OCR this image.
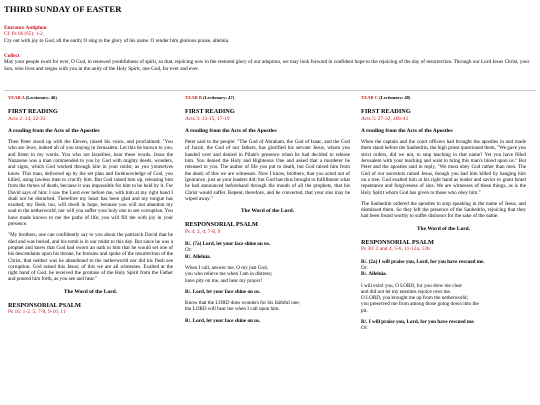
THIRD SUNDAY OF EASTER
Entrance Antiphon
Cf. Ps 66 (65): 1-2
Cry out with joy to God, all the earth; O sing to the glory of his name. O render him glorious praise, alleluia.
Collect
May your people exult for ever, O God, in renewed youthfulness of spirit, so that, rejoicing now in the restored glory of our adoption, we may look forward in confident hope to the rejoicing of the day of resurrection. Through our Lord Jesus Christ, your Son, who lives and reigns with you in the unity of the Holy Spirit, one God, for ever and ever.
YEAR A (Lectionary: 46)
FIRST READING
Acts 2: 14, 22-33
A reading from the Acts of the Apostles
Then Peter stood up with the Eleven, raised his voice, and proclaimed: "You who are Jews, indeed all of you staying in Jerusalem. Let this be known to you, and listen to my words. You who are Israelites, hear these words. Jesus the Nazarene was a man commended to you by God with mighty deeds, wonders, and signs, which God worked through him in your midst, as you yourselves know. This man, delivered up by the set plan and foreknowledge of God, you killed, using lawless men to crucify him. But God raised him up, releasing him from the throes of death, because it was impossible for him to be held by it. For David says of him: I saw the Lord ever before me, with him at my right hand I shall not be disturbed. Therefore my heart has been glad and my tongue has exulted; my flesh, too, will dwell in hope, because you will not abandon my soul to the netherworld, nor will you suffer your holy one to see corruption. You have made known to me the paths of life; you will fill me with joy in your presence.
"My brothers, one can confidently say to you about the patriarch David that he died and was buried, and his tomb is in our midst to this day. But since he was a prophet and knew that God had sworn an oath to him that he would set one of his descendants upon his throne, he foresaw and spoke of the resurrection of the Christ, that neither was he abandoned to the netherworld nor did his flesh see corruption. God raised this Jesus; of this we are all witnesses. Exalted at the right hand of God, he received the promise of the Holy Spirit from the Father and poured him forth, as you see and hear."
The Word of the Lord.
RESPONSORIAL PSALM
Ps 16: 1-2, 5, 7-8, 9-10, 11
YEAR B (Lectionary: 47)
FIRST READING
Acts 3: 13-15, 17-19
A reading from the Acts of the Apostles
Peter said to the people: "The God of Abraham, the God of Isaac, and the God of Jacob, the God of our fathers, has glorified his servant Jesus, whom you handed over and denied in Pilate's presence when he had decided to release him. You denied the Holy and Righteous One and asked that a murderer be released to you. The author of life you put to death, but God raised him from the dead; of this we are witnesses. Now I know, brothers, that you acted out of ignorance, just as your leaders did; but God has thus brought to fulfillment what he had announced beforehand through the mouth of all the prophets, that his Christ would suffer. Repent, therefore, and be converted, that your sins may be wiped away."
The Word of the Lord.
RESPONSORIAL PSALM
Ps 4: 2, 4, 7-8, 9
R/. (7a) Lord, let your face shine on us.
Or:
R/. Alleluia.
When I call, answer me, O my just God,
you who relieve me when I am in distress;
have pity on me, and hear my prayer!
R/. Lord, let your face shine on us.
Know that the LORD does wonders for his faithful one;
the LORD will hear me when I call upon him.
R/. Lord, let your face shine on us.
YEAR C (Lectionary: 48)
FIRST READING
Acts 5: 27-32, 40b-41
A reading from the Acts of the Apostles
When the captain and the court officers had brought the apostles in and made them stand before the Sanhedrin, the high priest questioned them, "We gave you strict orders, did we not, to stop teaching in that name? Yet you have filled Jerusalem with your teaching and want to bring this man's blood upon us." But Peter and the apostles said in reply, "We must obey God rather than men. The God of our ancestors raised Jesus, though you had him killed by hanging him on a tree. God exalted him at his right hand as leader and savior to grant Israel repentance and forgiveness of sins. We are witnesses of these things, as is the Holy Spirit whom God has given to those who obey him."
The Sanhedrin ordered the apostles to stop speaking in the name of Jesus, and dismissed them. So they left the presence of the Sanhedrin, rejoicing that they had been found worthy to suffer dishonor for the sake of the name.
The Word of the Lord.
RESPONSORIAL PSALM
Ps 30: 2 and 4, 5-6, 11-12a, 13b
R/. (2a) I will praise you, Lord, for you have rescued me.
Or:
R/. Alleluia.
I will extol you, O LORD, for you drew me clear
and did not let my enemies rejoice over me.
O LORD, you brought me up from the netherworld;
you preserved me from among those going down into the
pit.
R/. I will praise you, Lord, for you have rescued me.
Or:
